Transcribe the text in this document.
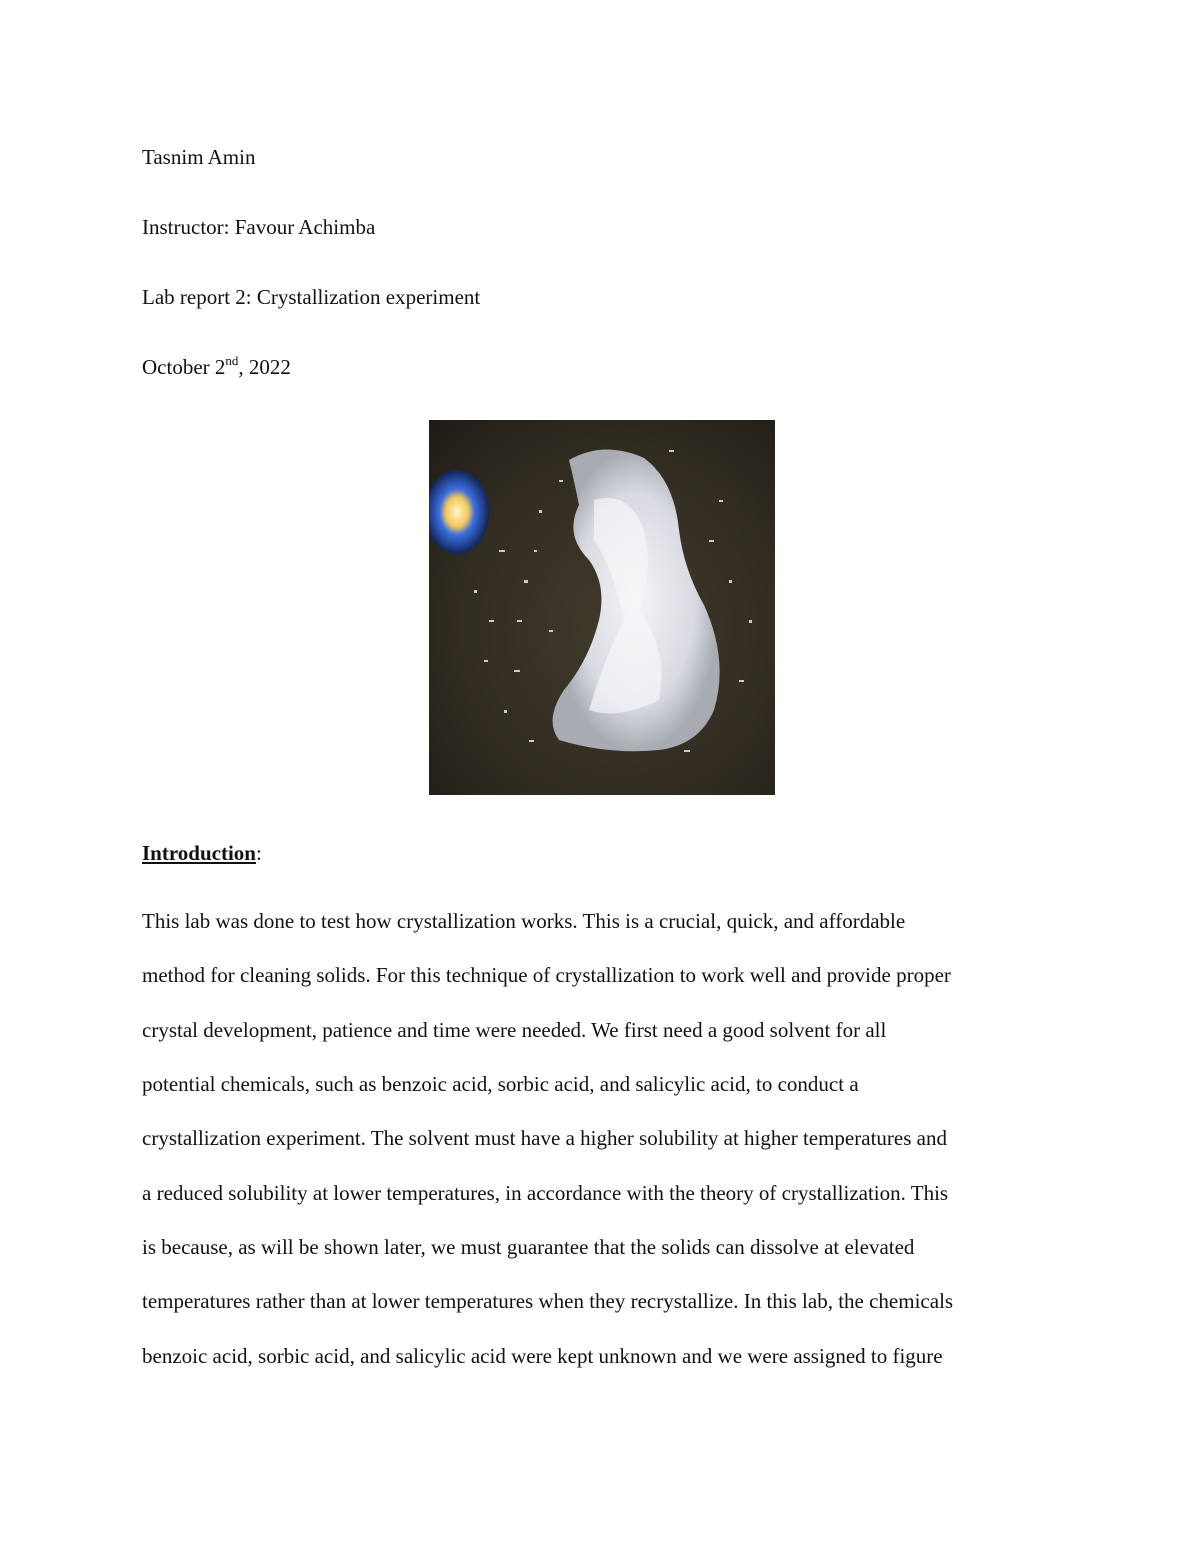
Tasnim Amin
Instructor: Favour Achimba
Lab report 2: Crystallization experiment
October 2nd, 2022
Introduction:
This lab was done to test how crystallization works. This is a crucial, quick, and affordable
method for cleaning solids. For this technique of crystallization to work well and provide proper
crystal development, patience and time were needed. We first need a good solvent for all
potential chemicals, such as benzoic acid, sorbic acid, and salicylic acid, to conduct a
crystallization experiment. The solvent must have a higher solubility at higher temperatures and
a reduced solubility at lower temperatures, in accordance with the theory of crystallization. This
is because, as will be shown later, we must guarantee that the solids can dissolve at elevated
temperatures rather than at lower temperatures when they recrystallize. In this lab, the chemicals
benzoic acid, sorbic acid, and salicylic acid were kept unknown and we were assigned to figure
